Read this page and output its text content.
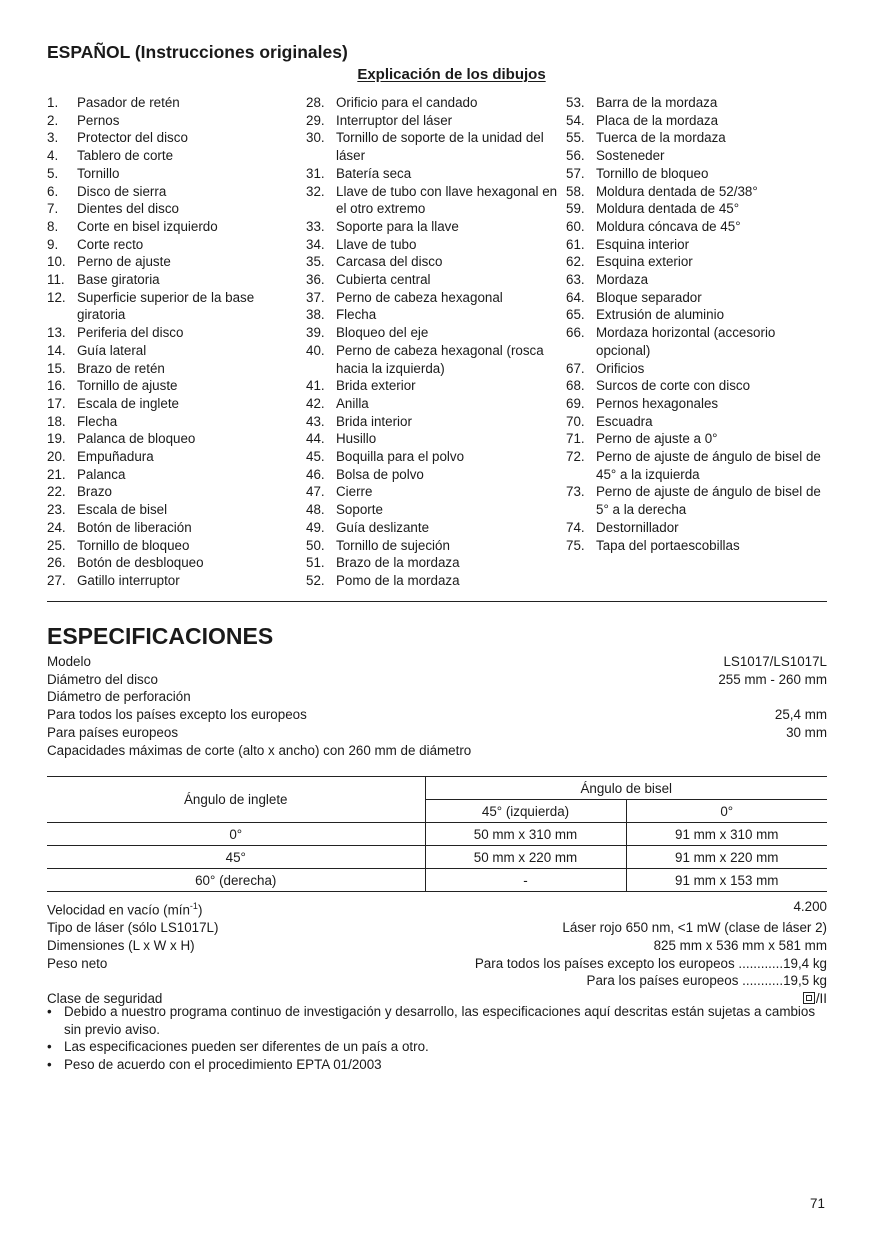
ESPAÑOL (Instrucciones originales)
Explicación de los dibujos
1.	Pasador de retén
2.	Pernos
3.	Protector del disco
4.	Tablero de corte
5.	Tornillo
6.	Disco de sierra
7.	Dientes del disco
8.	Corte en bisel izquierdo
9.	Corte recto
10. Perno de ajuste
11. Base giratoria
12. Superficie superior de la base giratoria
13. Periferia del disco
14. Guía lateral
15. Brazo de retén
16. Tornillo de ajuste
17. Escala de inglete
18. Flecha
19. Palanca de bloqueo
20. Empuñadura
21. Palanca
22. Brazo
23. Escala de bisel
24. Botón de liberación
25. Tornillo de bloqueo
26. Botón de desbloqueo
27. Gatillo interruptor
28. Orificio para el candado
29. Interruptor del láser
30. Tornillo de soporte de la unidad del láser
31. Batería seca
32. Llave de tubo con llave hexagonal en el otro extremo
33. Soporte para la llave
34. Llave de tubo
35. Carcasa del disco
36. Cubierta central
37. Perno de cabeza hexagonal
38. Flecha
39. Bloqueo del eje
40. Perno de cabeza hexagonal (rosca hacia la izquierda)
41. Brida exterior
42. Anilla
43. Brida interior
44. Husillo
45. Boquilla para el polvo
46. Bolsa de polvo
47. Cierre
48. Soporte
49. Guía deslizante
50. Tornillo de sujeción
51. Brazo de la mordaza
52. Pomo de la mordaza
53. Barra de la mordaza
54. Placa de la mordaza
55. Tuerca de la mordaza
56. Sosteneder
57. Tornillo de bloqueo
58. Moldura dentada de 52/38°
59. Moldura dentada de 45°
60. Moldura cóncava de 45°
61. Esquina interior
62. Esquina exterior
63. Mordaza
64. Bloque separador
65. Extrusión de aluminio
66. Mordaza horizontal (accesorio opcional)
67. Orificios
68. Surcos de corte con disco
69. Pernos hexagonales
70. Escuadra
71. Perno de ajuste a 0°
72. Perno de ajuste de ángulo de bisel de 45° a la izquierda
73. Perno de ajuste de ángulo de bisel de 5° a la derecha
74. Destornillador
75. Tapa del portaescobillas
ESPECIFICACIONES
Modelo	LS1017/LS1017L
Diámetro del disco	255 mm - 260 mm
Diámetro de perforación
Para todos los países excepto los europeos	25,4 mm
Para países europeos	30 mm
Capacidades máximas de corte (alto x ancho) con 260 mm de diámetro
Ángulo de inglete	Ángulo de bisel	
	45° (izquierda)	0°
0°	50 mm x 310 mm	91 mm x 310 mm
45°	50 mm x 220 mm	91 mm x 220 mm
60° (derecha)	-	91 mm x 153 mm
Velocidad en vacío (mín$^{-1}$)	4.200
Tipo de láser (sólo LS1017L)	Láser rojo 650 nm, <1 mW (clase de láser 2)
Dimensiones (L x W x H)	825 mm x 536 mm x 581 mm
Peso neto	Para todos los países excepto los europeos ............19,4 kg
Para los países europeos ...........19,5 kg
Clase de seguridad	/II
• Debido a nuestro programa continuo de investigación y desarrollo, las especificaciones aquí descritas están sujetas a cambios sin previo aviso.
• Las especificaciones pueden ser diferentes de un país a otro.
• Peso de acuerdo con el procedimiento EPTA 01/2003
71
